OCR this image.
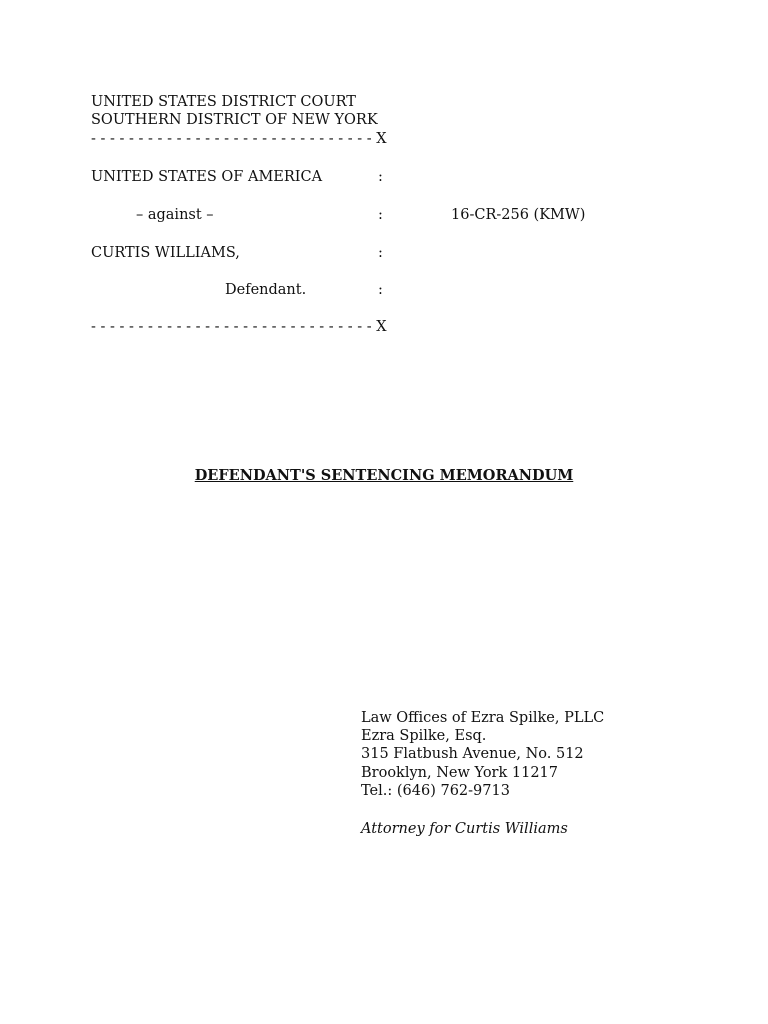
UNITED STATES DISTRICT COURT
SOUTHERN DISTRICT OF NEW YORK
- - - - - - - - - - - - - - - - - - - - - - - - - - - - - - X
UNITED STATES OF AMERICA	:
– against –	:	16-CR-256 (KMW)
CURTIS WILLIAMS,	:
Defendant.	:
- - - - - - - - - - - - - - - - - - - - - - - - - - - - - - X
DEFENDANT'S SENTENCING MEMORANDUM
Law Offices of Ezra Spilke, PLLC
Ezra Spilke, Esq.
315 Flatbush Avenue, No. 512
Brooklyn, New York 11217
Tel.: (646) 762-9713
Attorney for Curtis Williams
